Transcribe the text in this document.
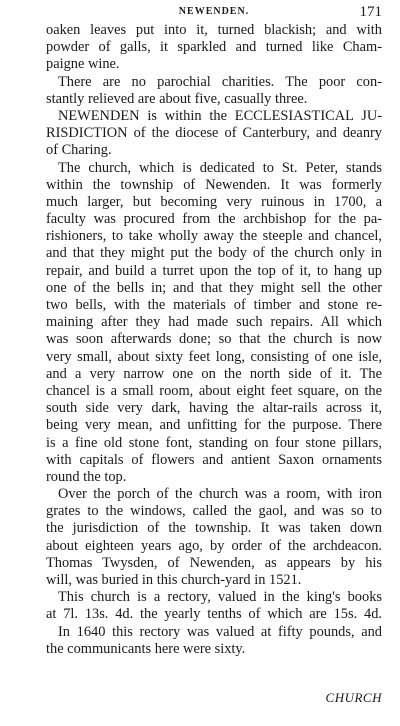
NEWENDEN.	171
oaken leaves put into it, turned blackish; and with
powder of galls, it sparkled and turned like Cham-
paigne wine.
There are no parochial charities. The poor con-
stantly relieved are about five, casually three.
NEWENDEN is within the ECCLESIASTICAL JU-
RISDICTION of the diocese of Canterbury, and deanry
of Charing.
The church, which is dedicated to St. Peter, stands
within the township of Newenden. It was formerly
much larger, but becoming very ruinous in 1700, a
faculty was procured from the archbishop for the pa-
rishioners, to take wholly away the steeple and chancel,
and that they might put the body of the church only in
repair, and build a turret upon the top of it, to hang up
one of the bells in; and that they might sell the other
two bells, with the materials of timber and stone re-
maining after they had made such repairs. All which
was soon afterwards done; so that the church is now
very small, about sixty feet long, consisting of one isle,
and a very narrow one on the north side of it. The
chancel is a small room, about eight feet square, on the
south side very dark, having the altar-rails across it,
being very mean, and unfitting for the purpose. There
is a fine old stone font, standing on four stone pillars,
with capitals of flowers and antient Saxon ornaments
round the top.
Over the porch of the church was a room, with iron
grates to the windows, called the gaol, and was so to
the jurisdiction of the township. It was taken down
about eighteen years ago, by order of the archdeacon.
Thomas Twysden, of Newenden, as appears by his
will, was buried in this church-yard in 1521.
This church is a rectory, valued in the king's books
at 7l. 13s. 4d. the yearly tenths of which are 15s. 4d.
In 1640 this rectory was valued at fifty pounds, and
the communicants here were sixty.
CHURCH
